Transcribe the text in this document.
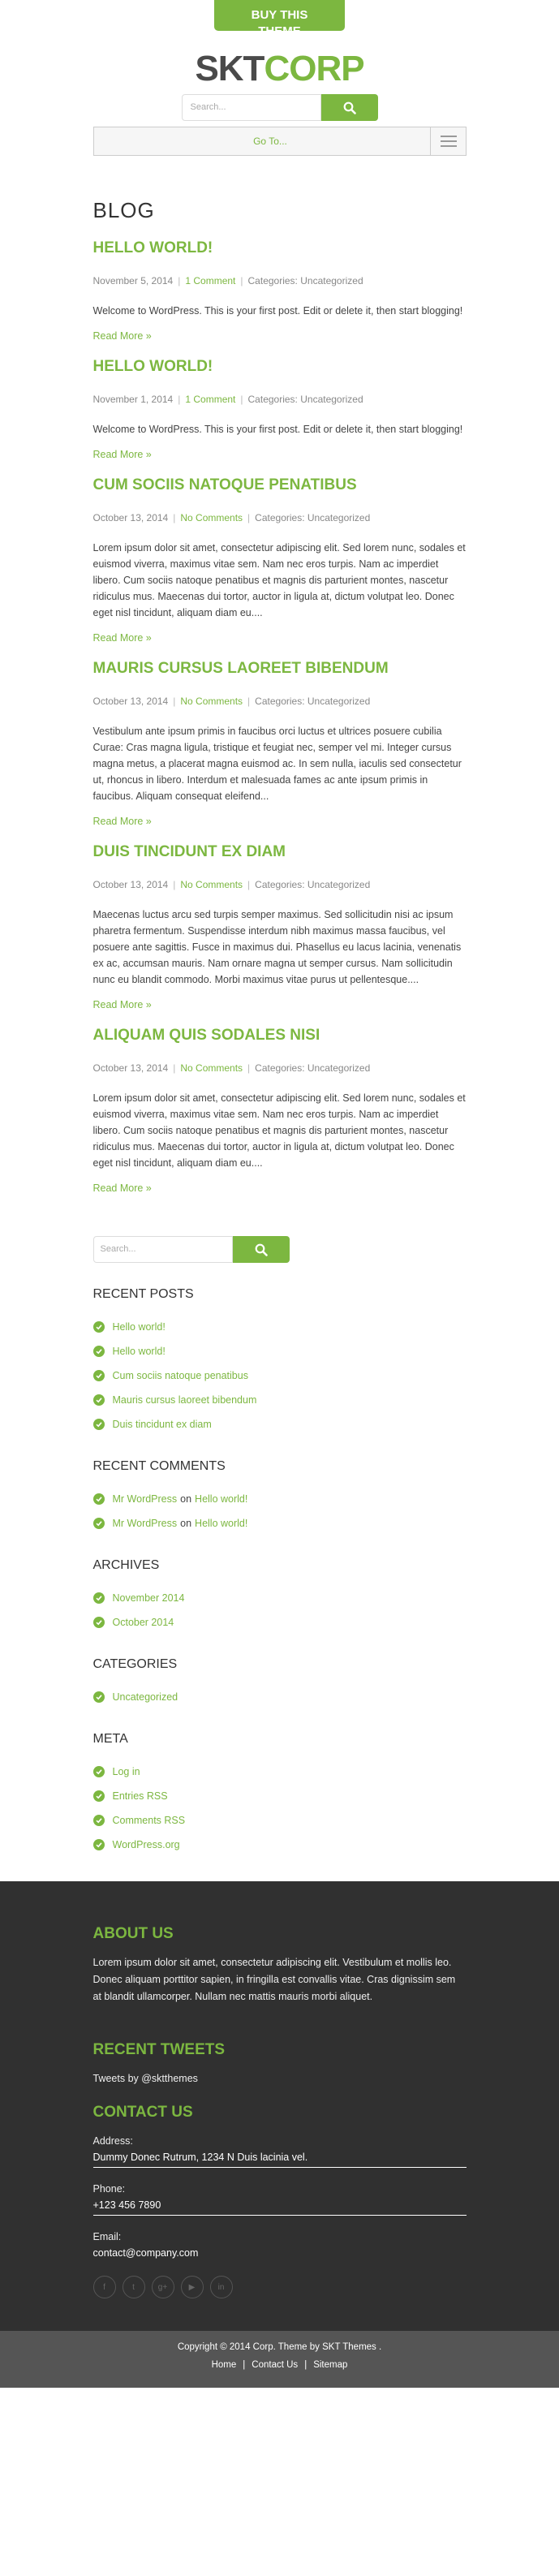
BUY THIS THEME
SKTCORP
Search...
Go To...
BLOG
HELLO WORLD!
November 5, 2014 | 1 Comment | Categories: Uncategorized
Welcome to WordPress. This is your first post. Edit or delete it, then start blogging!
Read More »
HELLO WORLD!
November 1, 2014 | 1 Comment | Categories: Uncategorized
Welcome to WordPress. This is your first post. Edit or delete it, then start blogging!
Read More »
CUM SOCIIS NATOQUE PENATIBUS
October 13, 2014 | No Comments | Categories: Uncategorized
Lorem ipsum dolor sit amet, consectetur adipiscing elit. Sed lorem nunc, sodales et euismod viverra, maximus vitae sem. Nam nec eros turpis. Nam ac imperdiet libero. Cum sociis natoque penatibus et magnis dis parturient montes, nascetur ridiculus mus. Maecenas dui tortor, auctor in ligula at, dictum volutpat leo. Donec eget nisl tincidunt, aliquam diam eu....
Read More »
MAURIS CURSUS LAOREET BIBENDUM
October 13, 2014 | No Comments | Categories: Uncategorized
Vestibulum ante ipsum primis in faucibus orci luctus et ultrices posuere cubilia Curae: Cras magna ligula, tristique et feugiat nec, semper vel mi. Integer cursus magna metus, a placerat magna euismod ac. In sem nulla, iaculis sed consectetur ut, rhoncus in libero. Interdum et malesuada fames ac ante ipsum primis in faucibus. Aliquam consequat eleifend...
Read More »
DUIS TINCIDUNT EX DIAM
October 13, 2014 | No Comments | Categories: Uncategorized
Maecenas luctus arcu sed turpis semper maximus. Sed sollicitudin nisi ac ipsum pharetra fermentum. Suspendisse interdum nibh maximus massa faucibus, vel posuere ante sagittis. Fusce in maximus dui. Phasellus eu lacus lacinia, venenatis ex ac, accumsan mauris. Nam ornare magna ut semper cursus. Nam sollicitudin nunc eu blandit commodo. Morbi maximus vitae purus ut pellentesque....
Read More »
ALIQUAM QUIS SODALES NISI
October 13, 2014 | No Comments | Categories: Uncategorized
Lorem ipsum dolor sit amet, consectetur adipiscing elit. Sed lorem nunc, sodales et euismod viverra, maximus vitae sem. Nam nec eros turpis. Nam ac imperdiet libero. Cum sociis natoque penatibus et magnis dis parturient montes, nascetur ridiculus mus. Maecenas dui tortor, auctor in ligula at, dictum volutpat leo. Donec eget nisl tincidunt, aliquam diam eu....
Read More »
Search...
RECENT POSTS
Hello world!
Hello world!
Cum sociis natoque penatibus
Mauris cursus laoreet bibendum
Duis tincidunt ex diam
RECENT COMMENTS
Mr WordPress on Hello world!
Mr WordPress on Hello world!
ARCHIVES
November 2014
October 2014
CATEGORIES
Uncategorized
META
Log in
Entries RSS
Comments RSS
WordPress.org
ABOUT US

Lorem ipsum dolor sit amet, consectetur adipiscing elit. Vestibulum et mollis leo. Donec aliquam porttitor sapien, in fringilla est convallis vitae. Cras dignissim sem at blandit ullamcorper. Nullam nec mattis mauris morbi aliquet.

RECENT TWEETS

Tweets by @sktthemes

CONTACT US
Address:
Dummy Donec Rutrum, 1234 N Duis lacinia vel.
Phone:
+123 456 7890
Email:
contact@company.com
f	t	g+	▶	in
Copyright © 2014 Corp. Theme by SKT Themes .
Home | Contact Us | Sitemap
